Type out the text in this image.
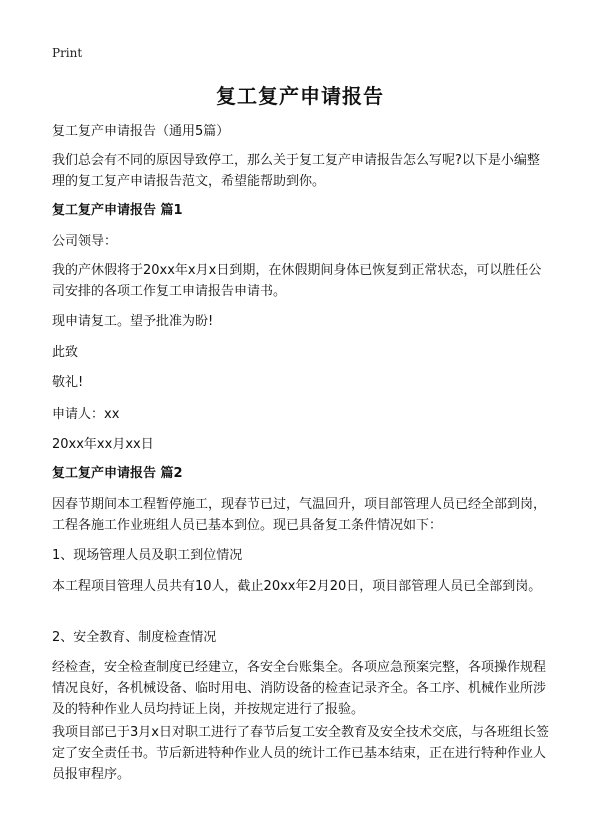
Print
复工复产申请报告
复工复产申请报告（通用5篇）
我们总会有不同的原因导致停工，那么关于复工复产申请报告怎么写呢?以下是小编整理的复工复产申请报告范文，希望能帮助到你。
复工复产申请报告 篇1
公司领导：
我的产休假将于20xx年x月x日到期，在休假期间身体已恢复到正常状态，可以胜任公司安排的各项工作复工申请报告申请书。
现申请复工。望予批准为盼!
此致
敬礼!
申请人：xx
20xx年xx月xx日
复工复产申请报告 篇2
因春节期间本工程暂停施工，现春节已过，气温回升，项目部管理人员已经全部到岗，工程各施工作业班组人员已基本到位。现已具备复工条件情况如下：
1、现场管理人员及职工到位情况
本工程项目管理人员共有10人，截止20xx年2月20日，项目部管理人员已全部到岗。
2、安全教育、制度检查情况
经检查，安全检查制度已经建立，各安全台账集全。各项应急预案完整，各项操作规程情况良好，各机械设备、临时用电、消防设备的检查记录齐全。各工序、机械作业所涉及的特种作业人员均持证上岗，并按规定进行了报验。
我项目部已于3月x日对职工进行了春节后复工安全教育及安全技术交底，与各班组长签定了安全责任书。节后新进特种作业人员的统计工作已基本结束，正在进行特种作业人员报审程序。
